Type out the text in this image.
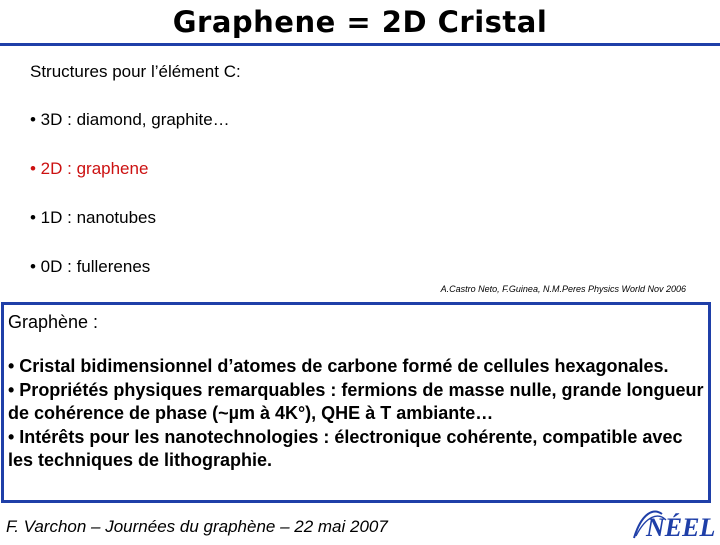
Graphene = 2D Cristal
Structures pour l’élément C:
• 3D : diamond, graphite…
• 2D : graphene
• 1D : nanotubes
• 0D : fullerenes
A.Castro Neto, F.Guinea, N.M.Peres Physics World Nov 2006
Graphène :

• Cristal bidimensionnel d’atomes de carbone formé de cellules hexagonales.

• Propriétés physiques remarquables : fermions de masse nulle, grande longueur de cohérence de phase (~µm à 4K°), QHE à T ambiante…

• Intérêts pour les nanotechnologies : électronique cohérente, compatible avec les techniques de lithographie.

F. Varchon – Journées du graphène – 22 mai 2007	NÉEL
